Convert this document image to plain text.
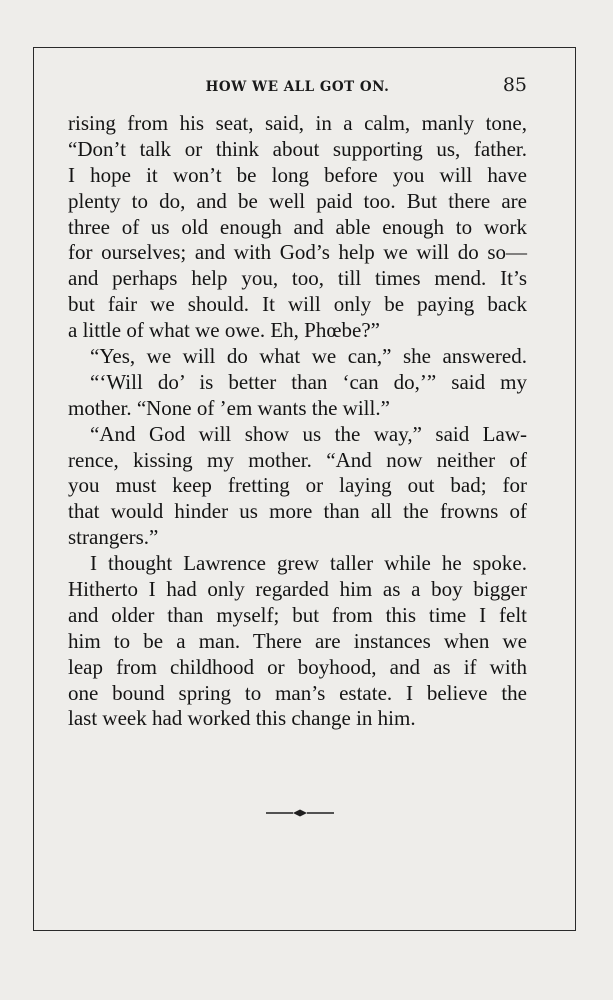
HOW WE ALL GOT ON.	85
rising from his seat, said, in a calm, manly tone,
“Don’t talk or think about supporting us, father.
I hope it won’t be long before you will have
plenty to do, and be well paid too. But there are
three of us old enough and able enough to work
for ourselves; and with God’s help we will do so—
and perhaps help you, too, till times mend. It’s
but fair we should. It will only be paying back
a little of what we owe. Eh, Phœbe?”
“Yes, we will do what we can,” she answered.
“‘Will do’ is better than ‘can do,’” said my
mother. “None of ’em wants the will.”
“And God will show us the way,” said Law-
rence, kissing my mother. “And now neither of
you must keep fretting or laying out bad; for
that would hinder us more than all the frowns of
strangers.”
I thought Lawrence grew taller while he spoke.
Hitherto I had only regarded him as a boy bigger
and older than myself; but from this time I felt
him to be a man. There are instances when we
leap from childhood or boyhood, and as if with
one bound spring to man’s estate. I believe the
last week had worked this change in him.
